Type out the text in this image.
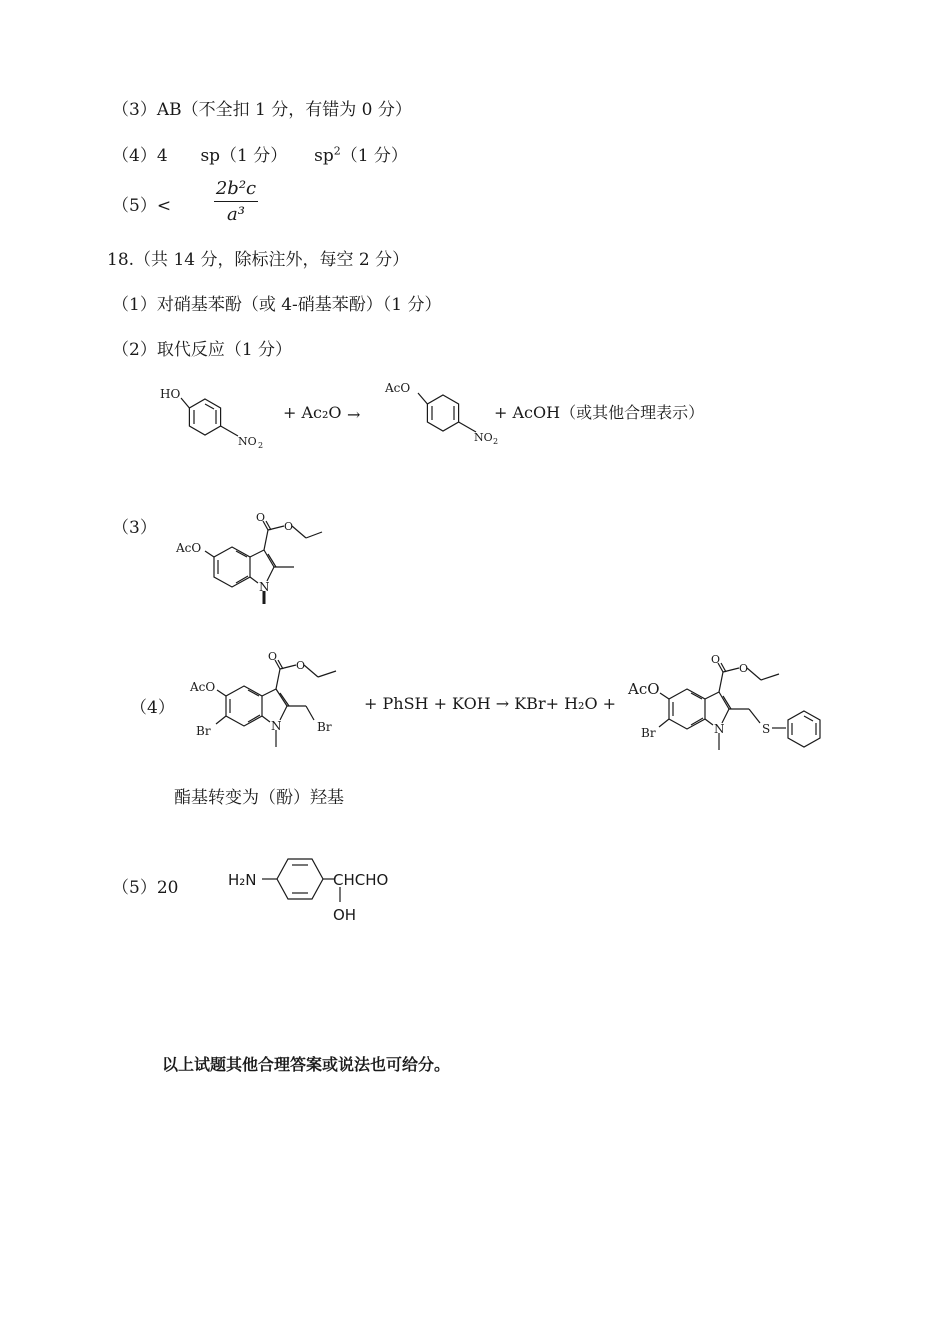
（3）AB（不全扣 1 分，有错为 0 分）
（4）4 sp（1 分） $sp^2(1$ 分）
（5）<
2b²c
a³
18.（共 14 分，除标注外，每空 2 分）
（1）对硝基苯酚（或 4-硝基苯酚）（1 分）
（2）取代反应（1 分）
HO
NO 2
+ Ac₂O →
AcO
NO 2
+ AcOH（或其他合理表示）
（3）
O
O
AcO
N
（4）
O
O
AcO
Br	N	Br
+ PhSH + KOH → KBr+ H₂O +
O
O
AcO
Br	N	S
酯基转变为（酚）羟基
（5）20	H₂N	CHCHO
OH
以上试题其他合理答案或说法也可给分。
